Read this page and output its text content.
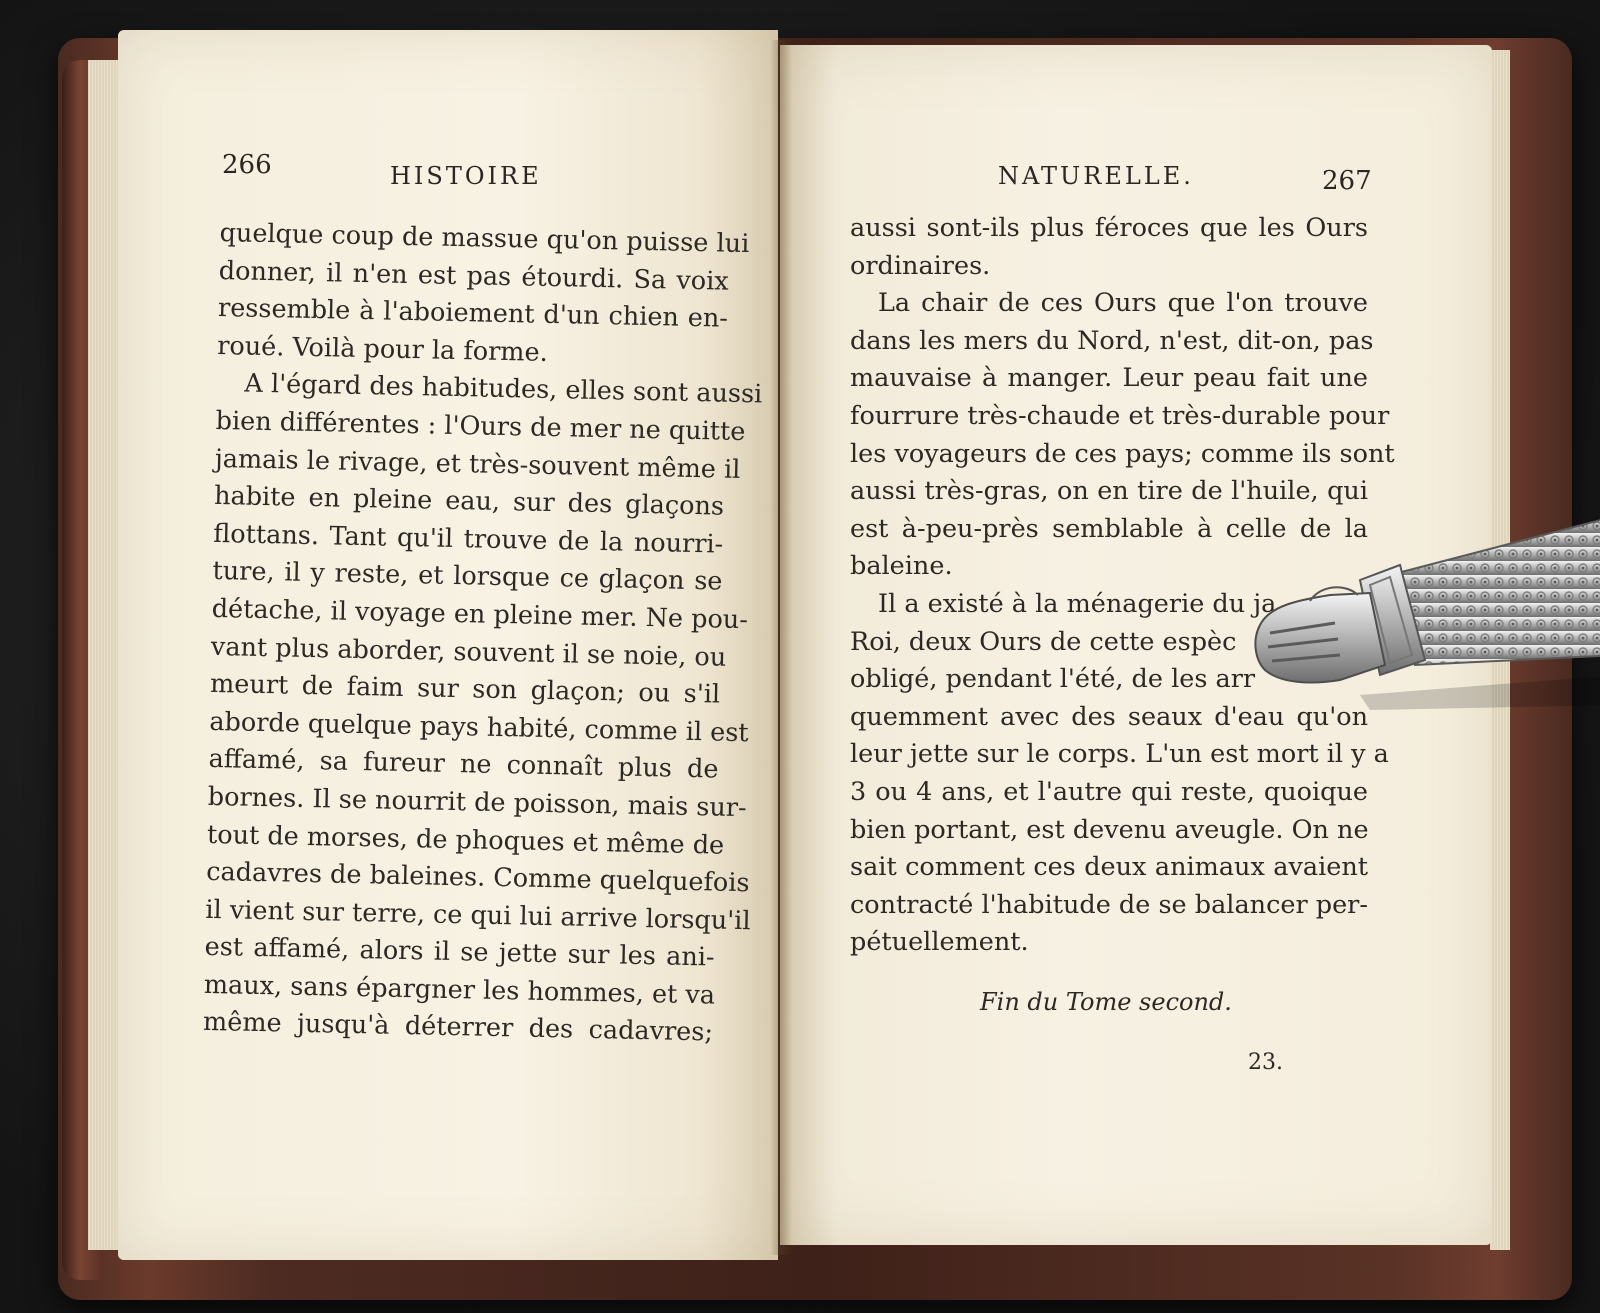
266	HISTOIRE	NATURELLE.	267
quelque coup de massue qu'on puisse lui
donner, il n'en est pas étourdi. Sa voix
ressemble à l'aboiement d'un chien en-
roué. Voilà pour la forme.
A l'égard des habitudes, elles sont aussi
bien différentes : l'Ours de mer ne quitte
jamais le rivage, et très-souvent même il
habite en pleine eau, sur des glaçons
flottans. Tant qu'il trouve de la nourri-
ture, il y reste, et lorsque ce glaçon se
détache, il voyage en pleine mer. Ne pou-
vant plus aborder, souvent il se noie, ou
meurt de faim sur son glaçon; ou s'il
aborde quelque pays habité, comme il est
affamé, sa fureur ne connaît plus de
bornes. Il se nourrit de poisson, mais sur-
tout de morses, de phoques et même de
cadavres de baleines. Comme quelquefois
il vient sur terre, ce qui lui arrive lorsqu'il
est affamé, alors il se jette sur les ani-
maux, sans épargner les hommes, et va
même jusqu'à déterrer des cadavres;
aussi sont-ils plus féroces que les Ours
ordinaires.
La chair de ces Ours que l'on trouve
dans les mers du Nord, n'est, dit-on, pas
mauvaise à manger. Leur peau fait une
fourrure très-chaude et très-durable pour
les voyageurs de ces pays; comme ils sont
aussi très-gras, on en tire de l'huile, qui
est à-peu-près semblable à celle de la
baleine.
Il a existé à la ménagerie du ja
Roi, deux Ours de cette espèc
obligé, pendant l'été, de les arr
quemment avec des seaux d'eau qu'on
leur jette sur le corps. L'un est mort il y a
3 ou 4 ans, et l'autre qui reste, quoique
bien portant, est devenu aveugle. On ne
sait comment ces deux animaux avaient
contracté l'habitude de se balancer per-
pétuellement.
Fin du Tome second.
23.
